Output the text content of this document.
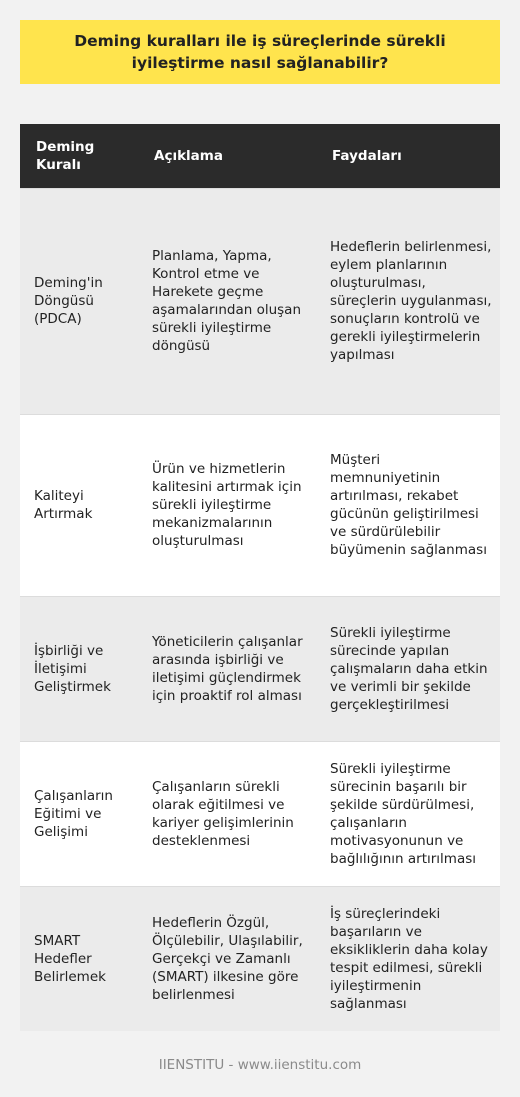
Deming kuralları ile iş süreçlerinde sürekli iyileştirme nasıl sağlanabilir?
Deming Kuralı	Açıklama	Faydaları
Deming'in Döngüsü (PDCA)	Planlama, Yapma, Kontrol etme ve Harekete geçme aşamalarından oluşan sürekli iyileştirme döngüsü	Hedeflerin belirlenmesi, eylem planlarının oluşturulması, süreçlerin uygulanması, sonuçların kontrolü ve gerekli iyileştirmelerin yapılması
Kaliteyi Artırmak	Ürün ve hizmetlerin kalitesini artırmak için sürekli iyileştirme mekanizmalarının oluşturulması	Müşteri memnuniyetinin artırılması, rekabet gücünün geliştirilmesi ve sürdürülebilir büyümenin sağlanması
İşbirliği ve İletişimi Geliştirmek	Yöneticilerin çalışanlar arasında işbirliği ve iletişimi güçlendirmek için proaktif rol alması	Sürekli iyileştirme sürecinde yapılan çalışmaların daha etkin ve verimli bir şekilde gerçekleştirilmesi
Çalışanların Eğitimi ve Gelişimi	Çalışanların sürekli olarak eğitilmesi ve kariyer gelişimlerinin desteklenmesi	Sürekli iyileştirme sürecinin başarılı bir şekilde sürdürülmesi, çalışanların motivasyonunun ve bağlılığının artırılması
SMART Hedefler Belirlemek	Hedeflerin Özgül, Ölçülebilir, Ulaşılabilir, Gerçekçi ve Zamanlı (SMART) ilkesine göre belirlenmesi	İş süreçlerindeki başarıların ve eksikliklerin daha kolay tespit edilmesi, sürekli iyileştirmenin sağlanması
IIENSTITU - www.iienstitu.com
